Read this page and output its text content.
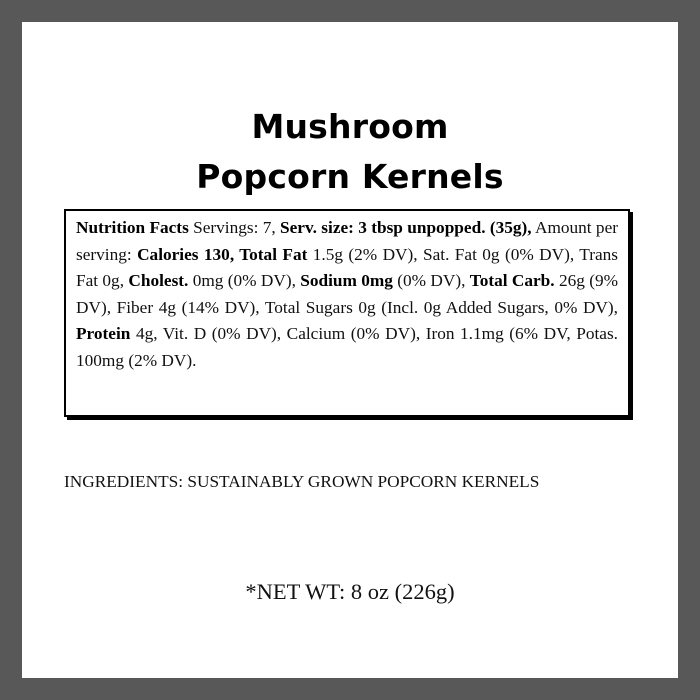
Mushroom
Popcorn Kernels
Nutrition Facts Servings: 7, Serv. size: 3 tbsp unpopped. (35g), Amount per serving: Calories 130, Total Fat 1.5g (2% DV), Sat. Fat 0g (0% DV), Trans Fat 0g, Cholest. 0mg (0% DV), Sodium 0mg (0% DV), Total Carb. 26g (9% DV), Fiber 4g (14% DV), Total Sugars 0g (Incl. 0g Added Sugars, 0% DV), Protein 4g, Vit. D (0% DV), Calcium (0% DV), Iron 1.1mg (6% DV, Potas. 100mg (2% DV).
INGREDIENTS: SUSTAINABLY GROWN POPCORN KERNELS
*NET WT: 8 oz (226g)
